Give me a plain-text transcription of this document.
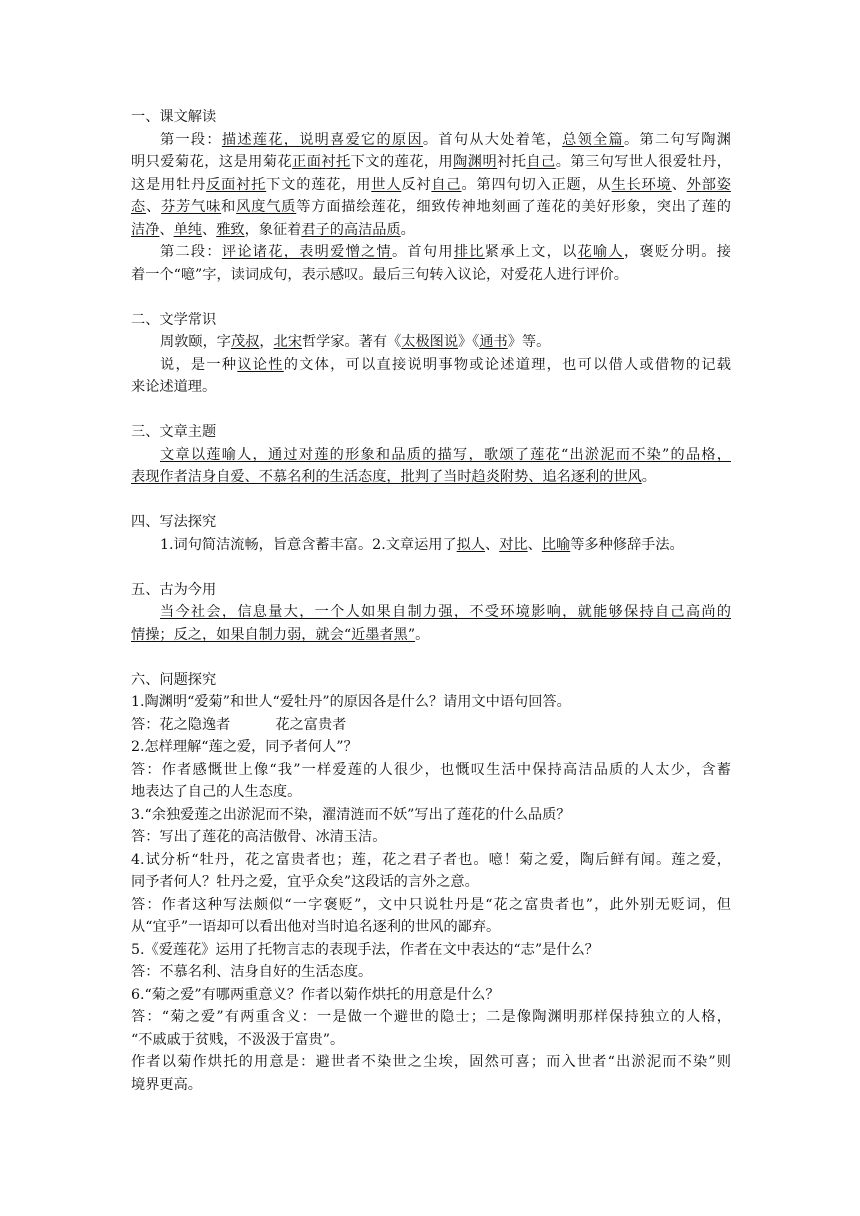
一、课文解读
第一段：描述莲花，说明喜爱它的原因。首句从大处着笔，总领全篇。第二句写陶渊
明只爱菊花，这是用菊花正面衬托下文的莲花，用陶渊明衬托自己。第三句写世人很爱牡丹，
这是用牡丹反面衬托下文的莲花，用世人反衬自己。第四句切入正题，从生长环境、外部姿
态、芬芳气味和风度气质等方面描绘莲花，细致传神地刻画了莲花的美好形象，突出了莲的
洁净、单纯、雅致，象征着君子的高洁品质。
第二段：评论诸花，表明爱憎之情。首句用排比紧承上文，以花喻人，褒贬分明。接
着一个“噫”字，读词成句，表示感叹。最后三句转入议论，对爱花人进行评价。
二、文学常识
周敦颐，字茂叔，北宋哲学家。著有《太极图说》《通书》等。
说，是一种议论性的文体，可以直接说明事物或论述道理，也可以借人或借物的记载
来论述道理。
三、文章主题
文章以莲喻人，通过对莲的形象和品质的描写，歌颂了莲花“出淤泥而不染”的品格，
表现作者洁身自爱、不慕名利的生活态度，批判了当时趋炎附势、追名逐利的世风。
四、写法探究
1.词句简洁流畅，旨意含蓄丰富。2.文章运用了拟人、对比、比喻等多种修辞手法。
五、古为今用
当今社会，信息量大，一个人如果自制力强，不受环境影响，就能够保持自己高尚的
情操；反之，如果自制力弱，就会“近墨者黑”。
六、问题探究
1.陶渊明“爱菊”和世人“爱牡丹”的原因各是什么？请用文中语句回答。
答：花之隐逸者          花之富贵者
2.怎样理解“莲之爱，同予者何人”？
答：作者感慨世上像“我”一样爱莲的人很少，也慨叹生活中保持高洁品质的人太少，含蓄
地表达了自己的人生态度。
3.“余独爱莲之出淤泥而不染，濯清涟而不妖”写出了莲花的什么品质？
答：写出了莲花的高洁傲骨、冰清玉洁。
4.试分析“牡丹，花之富贵者也；莲，花之君子者也。噫！菊之爱，陶后鲜有闻。莲之爱，
同予者何人？牡丹之爱，宜乎众矣”这段话的言外之意。
答：作者这种写法颇似“一字褒贬”，文中只说牡丹是“花之富贵者也”，此外别无贬词，但
从“宜乎”一语却可以看出他对当时追名逐利的世风的鄙弃。
5.《爱莲花》运用了托物言志的表现手法，作者在文中表达的“志”是什么？
答：不慕名利、洁身自好的生活态度。
6.“菊之爱”有哪两重意义？作者以菊作烘托的用意是什么？
答：“菊之爱”有两重含义：一是做一个避世的隐士；二是像陶渊明那样保持独立的人格，
“不戚戚于贫贱，不汲汲于富贵”。
作者以菊作烘托的用意是：避世者不染世之尘埃，固然可喜；而入世者“出淤泥而不染”则
境界更高。
